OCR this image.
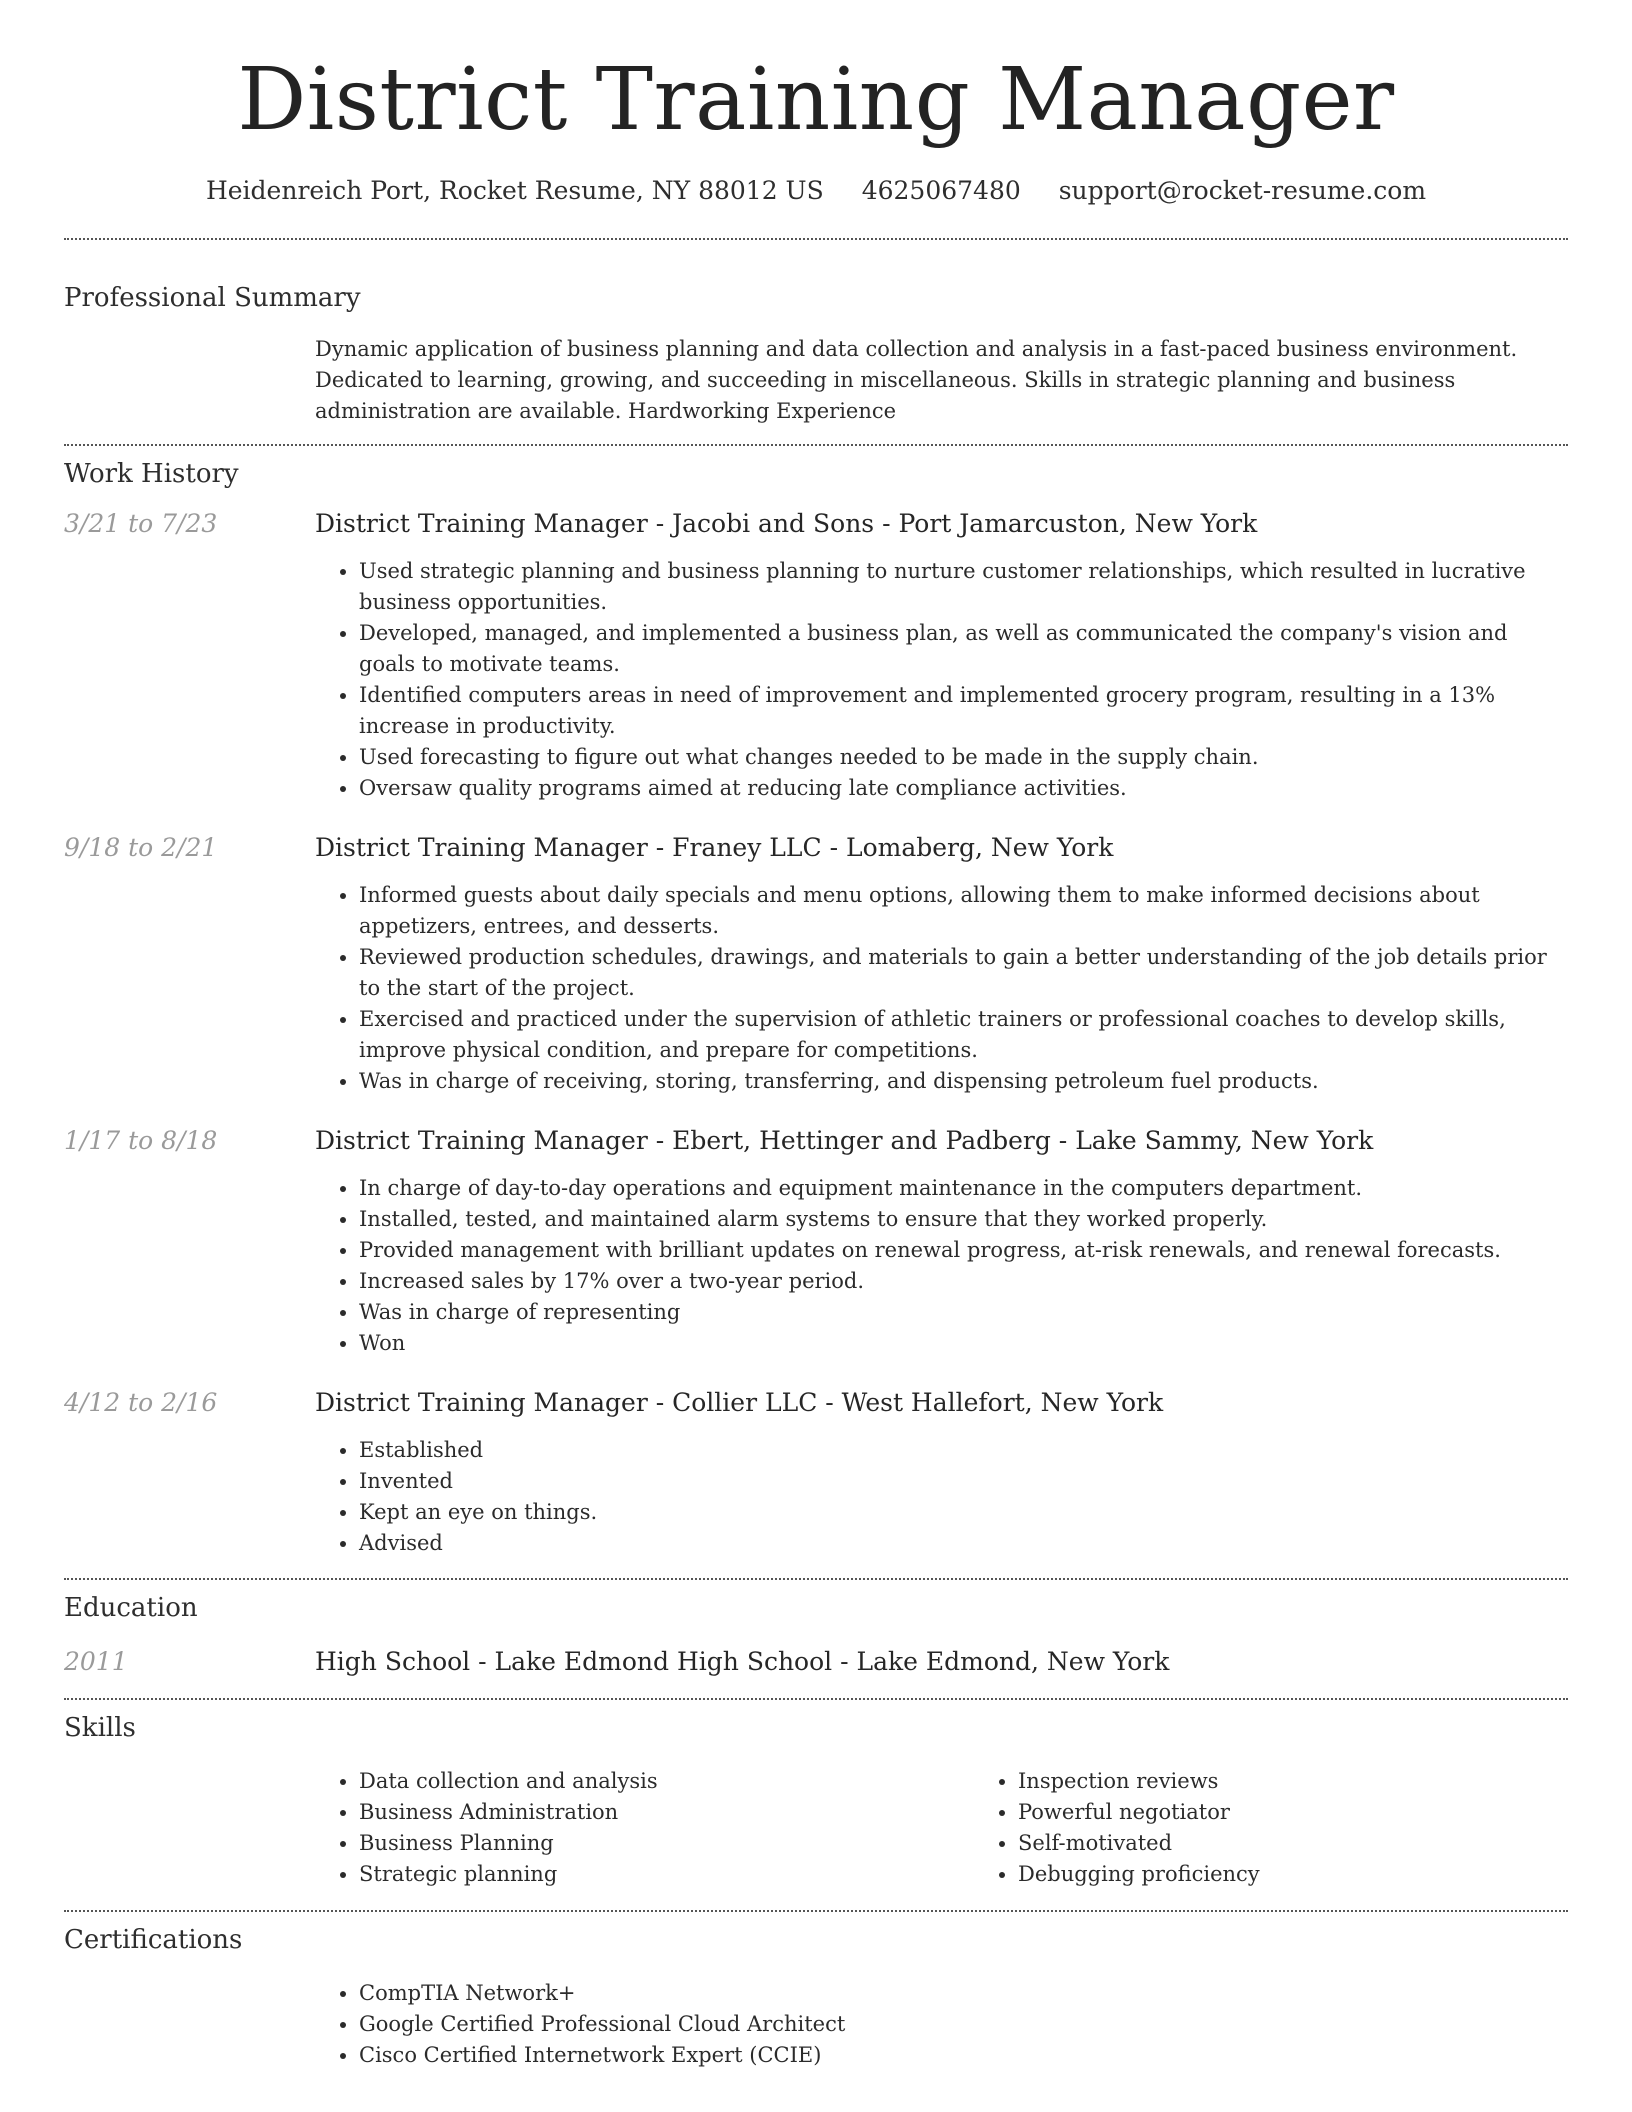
District Training Manager
Heidenreich Port, Rocket Resume, NY 88012 US 4625067480 support@rocket-resume.com
Professional Summary
Dynamic application of business planning and data collection and analysis in a fast-paced business environment. Dedicated to learning, growing, and succeeding in miscellaneous. Skills in strategic planning and business administration are available. Hardworking Experience
Work History
3/21 to 7/23	District Training Manager - Jacobi and Sons - Port Jamarcuston, New York
• Used strategic planning and business planning to nurture customer relationships, which resulted in lucrative business opportunities.
• Developed, managed, and implemented a business plan, as well as communicated the company's vision and goals to motivate teams.
• Identified computers areas in need of improvement and implemented grocery program, resulting in a 13% increase in productivity.
• Used forecasting to figure out what changes needed to be made in the supply chain.
• Oversaw quality programs aimed at reducing late compliance activities.
9/18 to 2/21	District Training Manager - Franey LLC - Lomaberg, New York
• Informed guests about daily specials and menu options, allowing them to make informed decisions about appetizers, entrees, and desserts.
• Reviewed production schedules, drawings, and materials to gain a better understanding of the job details prior to the start of the project.
• Exercised and practiced under the supervision of athletic trainers or professional coaches to develop skills, improve physical condition, and prepare for competitions.
• Was in charge of receiving, storing, transferring, and dispensing petroleum fuel products.
1/17 to 8/18	District Training Manager - Ebert, Hettinger and Padberg - Lake Sammy, New York
• In charge of day-to-day operations and equipment maintenance in the computers department.
• Installed, tested, and maintained alarm systems to ensure that they worked properly.
• Provided management with brilliant updates on renewal progress, at-risk renewals, and renewal forecasts.
• Increased sales by 17% over a two-year period.
• Was in charge of representing
• Won
4/12 to 2/16	District Training Manager - Collier LLC - West Hallefort, New York
• Established
• Invented
• Kept an eye on things.
• Advised
Education
2011	High School - Lake Edmond High School - Lake Edmond, New York
Skills
• Data collection and analysis
• Business Administration
• Business Planning
• Strategic planning
• Inspection reviews
• Powerful negotiator
• Self-motivated
• Debugging proficiency
Certifications
• CompTIA Network+
• Google Certified Professional Cloud Architect
• Cisco Certified Internetwork Expert (CCIE)
